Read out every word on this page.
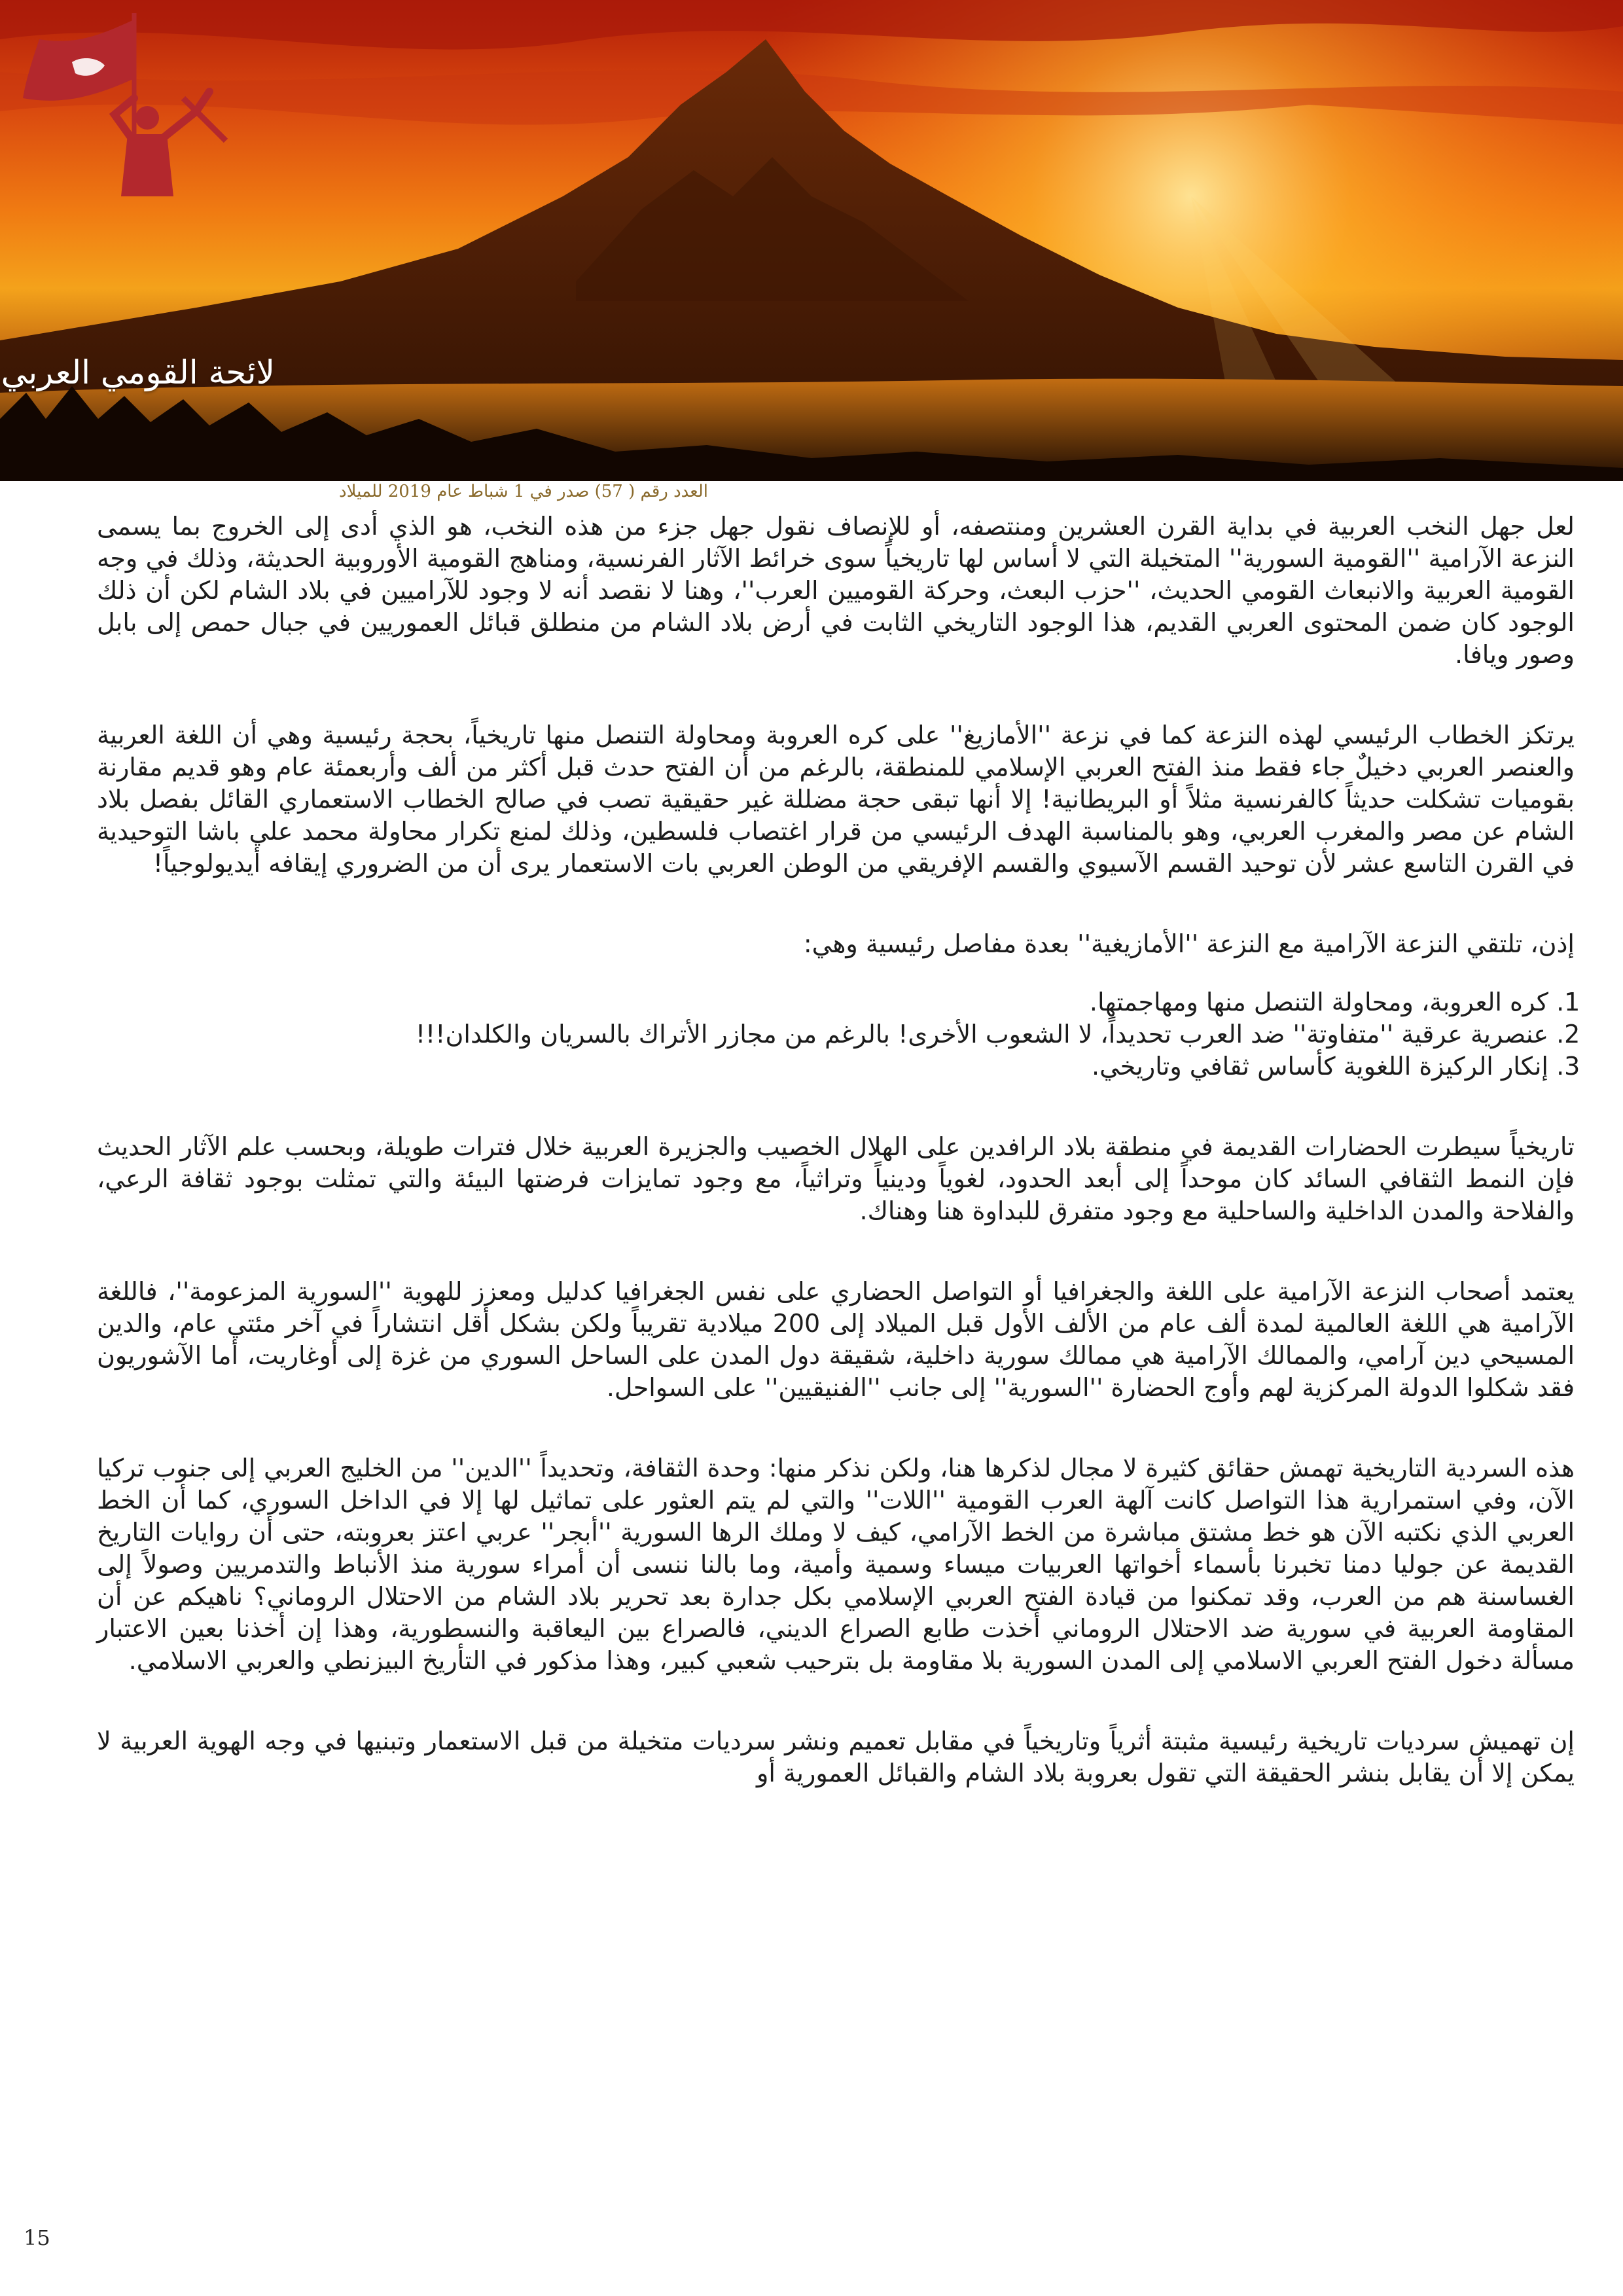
لائحة القومي العربي
العدد رقم ( 57) صدر في 1 شباط عام 2019 للميلاد

لعل جهل النخب العربية في بداية القرن العشرين ومنتصفه، أو للإنصاف نقول جهل جزء من هذه النخب، هو الذي أدى إلى الخروج بما يسمى النزعة الآرامية ''القومية السورية'' المتخيلة التي لا أساس لها تاريخياً سوى خرائط الآثار الفرنسية، ومناهج القومية الأوروبية الحديثة، وذلك في وجه القومية العربية والانبعاث القومي الحديث، ''حزب البعث، وحركة القوميين العرب''، وهنا لا نقصد أنه لا وجود للآراميين في بلاد الشام لكن أن ذلك الوجود كان ضمن المحتوى العربي القديم، هذا الوجود التاريخي الثابت في أرض بلاد الشام من منطلق قبائل العموريين في جبال حمص إلى بابل وصور ويافا.

يرتكز الخطاب الرئيسي لهذه النزعة كما في نزعة ''الأمازيغ'' على كره العروبة ومحاولة التنصل منها تاريخياً، بحجة رئيسية وهي أن اللغة العربية والعنصر العربي دخيلٌ جاء فقط منذ الفتح العربي الإسلامي للمنطقة، بالرغم من أن الفتح حدث قبل أكثر من ألف وأربعمئة عام وهو قديم مقارنة بقوميات تشكلت حديثاً كالفرنسية مثلاً أو البريطانية! إلا أنها تبقى حجة مضللة غير حقيقية تصب في صالح الخطاب الاستعماري القائل بفصل بلاد الشام عن مصر والمغرب العربي، وهو بالمناسبة الهدف الرئيسي من قرار اغتصاب فلسطين، وذلك لمنع تكرار محاولة محمد علي باشا التوحيدية في القرن التاسع عشر لأن توحيد القسم الآسيوي والقسم الإفريقي من الوطن العربي بات الاستعمار يرى أن من الضروري إيقافه أيديولوجياً!

إذن، تلتقي النزعة الآرامية مع النزعة ''الأمازيغية'' بعدة مفاصل رئيسية وهي:

1. كره العروبة، ومحاولة التنصل منها ومهاجمتها.
2. عنصرية عرقية ''متفاوتة'' ضد العرب تحديداً، لا الشعوب الأخرى! بالرغم من مجازر الأتراك بالسريان والكلدان!!!
3. إنكار الركيزة اللغوية كأساس ثقافي وتاريخي.

تاريخياً سيطرت الحضارات القديمة في منطقة بلاد الرافدين على الهلال الخصيب والجزيرة العربية خلال فترات طويلة، وبحسب علم الآثار الحديث فإن النمط الثقافي السائد كان موحداً إلى أبعد الحدود، لغوياً ودينياً وتراثياً، مع وجود تمايزات فرضتها البيئة والتي تمثلت بوجود ثقافة الرعي، والفلاحة والمدن الداخلية والساحلية مع وجود متفرق للبداوة هنا وهناك.

يعتمد أصحاب النزعة الآرامية على اللغة والجغرافيا أو التواصل الحضاري على نفس الجغرافيا كدليل ومعزز للهوية ''السورية المزعومة''، فاللغة الآرامية هي اللغة العالمية لمدة ألف عام من الألف الأول قبل الميلاد إلى 200 ميلادية تقريباً ولكن بشكل أقل انتشاراً في آخر مئتي عام، والدين المسيحي دين آرامي، والممالك الآرامية هي ممالك سورية داخلية، شقيقة دول المدن على الساحل السوري من غزة إلى أوغاريت، أما الآشوريون فقد شكلوا الدولة المركزية لهم وأوج الحضارة ''السورية'' إلى جانب ''الفنيقيين'' على السواحل.

هذه السردية التاريخية تهمش حقائق كثيرة لا مجال لذكرها هنا، ولكن نذكر منها: وحدة الثقافة، وتحديداً ''الدين'' من الخليج العربي إلى جنوب تركيا الآن، وفي استمرارية هذا التواصل كانت آلهة العرب القومية ''اللات'' والتي لم يتم العثور على تماثيل لها إلا في الداخل السوري، كما أن الخط العربي الذي نكتبه الآن هو خط مشتق مباشرة من الخط الآرامي، كيف لا وملك الرها السورية ''أبجر'' عربي اعتز بعروبته، حتى أن روايات التاريخ القديمة عن جوليا دمنا تخبرنا بأسماء أخواتها العربيات ميساء وسمية وأمية، وما بالنا ننسى أن أمراء سورية منذ الأنباط والتدمريين وصولاً إلى الغساسنة هم من العرب، وقد تمكنوا من قيادة الفتح العربي الإسلامي بكل جدارة بعد تحرير بلاد الشام من الاحتلال الروماني؟ ناهيكم عن أن المقاومة العربية في سورية ضد الاحتلال الروماني أخذت طابع الصراع الديني، فالصراع بين اليعاقبة والنسطورية، وهذا إن أخذنا بعين الاعتبار مسألة دخول الفتح العربي الاسلامي إلى المدن السورية بلا مقاومة بل بترحيب شعبي كبير، وهذا مذكور في التأريخ البيزنطي والعربي الاسلامي.

إن تهميش سرديات تاريخية رئيسية مثبتة أثرياً وتاريخياً في مقابل تعميم ونشر سرديات متخيلة من قبل الاستعمار وتبنيها في وجه الهوية العربية لا يمكن إلا أن يقابل بنشر الحقيقة التي تقول بعروبة بلاد الشام والقبائل العمورية أو

15
